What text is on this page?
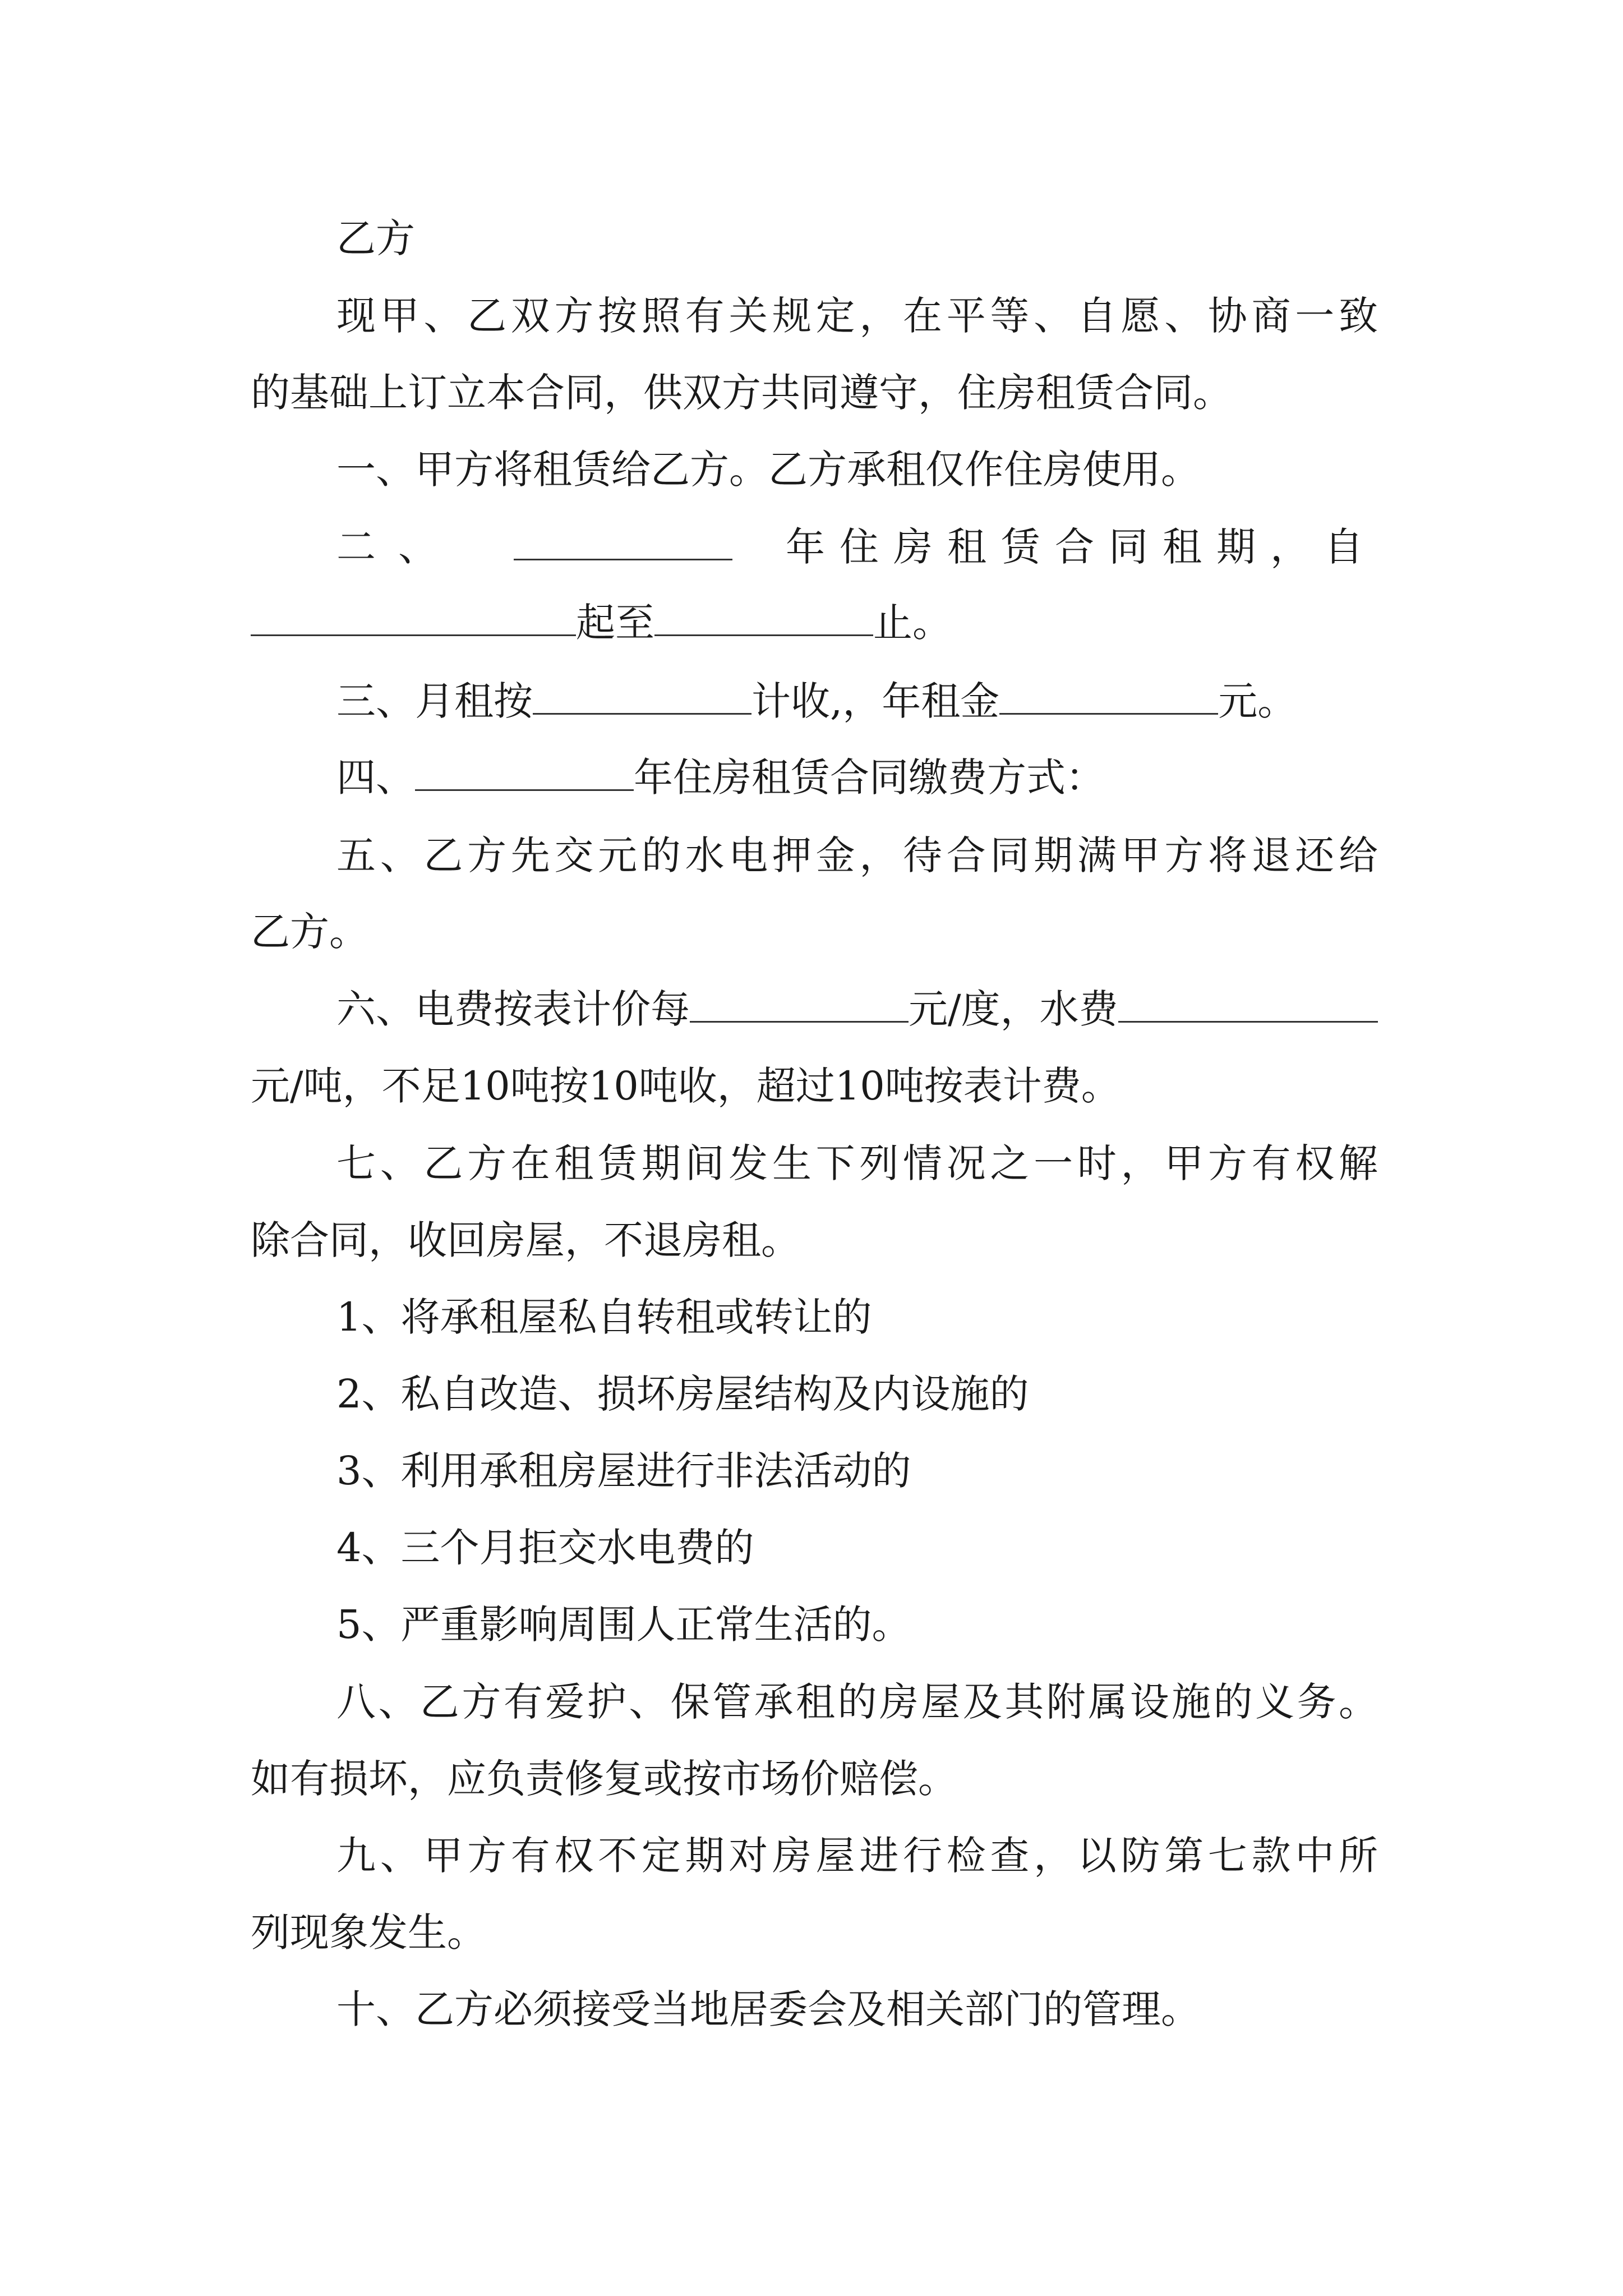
乙方
现甲、乙双方按照有关规定，在平等、自愿、协商一致
的基础上订立本合同，供双方共同遵守，住房租赁合同。
一、甲方将租赁给乙方。乙方承租仅作住房使用。
二、	年住房租赁合同租期，自
起至	止。
三、月租按	计收,，年租金	元。
四、	年住房租赁合同缴费方式：
五、乙方先交元的水电押金，待合同期满甲方将退还给
乙方。
六、电费按表计价每	元/度，水费
元/吨，不足10吨按10吨收，超过10吨按表计费。
七、乙方在租赁期间发生下列情况之一时，甲方有权解
除合同，收回房屋，不退房租。
1、将承租屋私自转租或转让的
2、私自改造、损坏房屋结构及内设施的
3、利用承租房屋进行非法活动的
4、三个月拒交水电费的
5、严重影响周围人正常生活的。
八、乙方有爱护、保管承租的房屋及其附属设施的义务。
如有损坏，应负责修复或按市场价赔偿。
九、甲方有权不定期对房屋进行检查，以防第七款中所
列现象发生。
十、乙方必须接受当地居委会及相关部门的管理。
